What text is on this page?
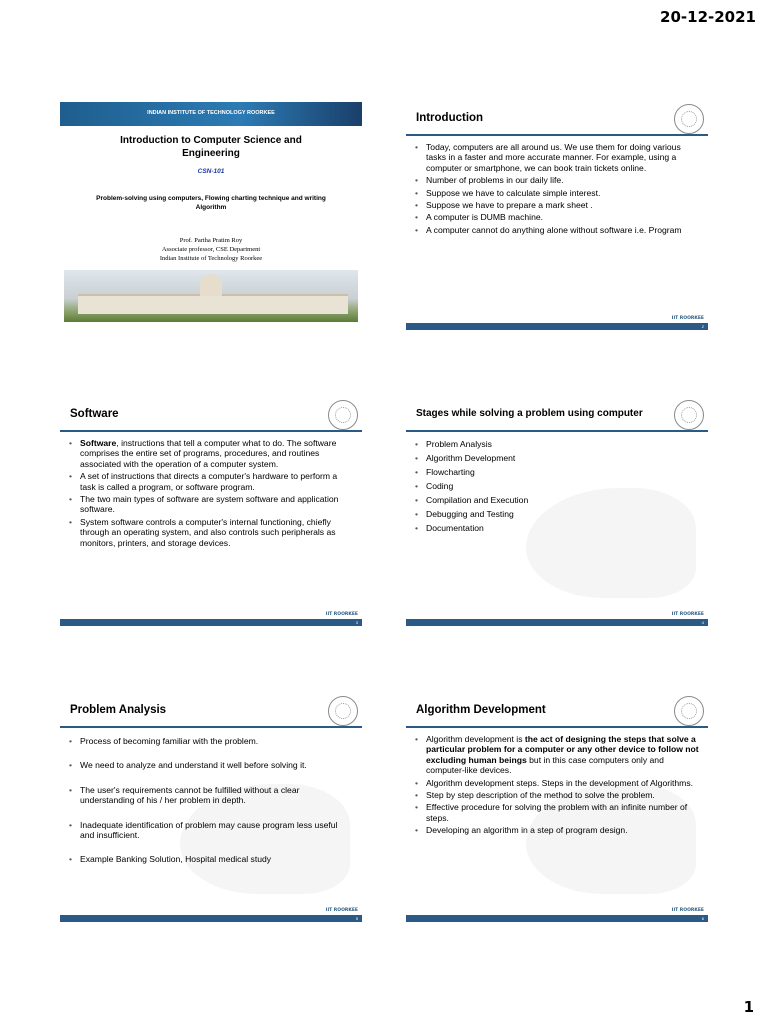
20-12-2021
INDIAN INSTITUTE OF TECHNOLOGY ROORKEE
Introduction to Computer Science and Engineering
CSN-101
Problem-solving using computers, Flowing charting technique and writing Algorithm
Prof. Partha Pratim Roy
Associate professor, CSE Department
Indian Institute of Technology Roorkee
Introduction
• Today, computers are all around us. We use them for doing various tasks in a faster and more accurate manner. For example, using a computer or smartphone, we can book train tickets online.
• Number of problems in our daily life.
• Suppose we have to calculate simple interest.
• Suppose we have to prepare a mark sheet .
• A computer is DUMB machine.
• A computer cannot do anything alone without software i.e. Program
IIT ROORKEE
2
Software
• Software, instructions that tell a computer what to do. The software comprises the entire set of programs, procedures, and routines associated with the operation of a computer system.
• A set of instructions that directs a computer's hardware to perform a task is called a program, or software program.
• The two main types of software are system software and application software.
• System software controls a computer's internal functioning, chiefly through an operating system, and also controls such peripherals as monitors, printers, and storage devices.
IIT ROORKEE
3
Stages while solving a problem using computer
• Problem Analysis
• Algorithm Development
• Flowcharting
• Coding
• Compilation and Execution
• Debugging and Testing
• Documentation
IIT ROORKEE
4
Problem Analysis
• Process of becoming familiar with the problem.
• We need to analyze and understand it well before solving it.
• The user's requirements cannot be fulfilled without a clear understanding of his / her problem in depth.
• Inadequate identification of problem may cause program less useful and insufficient.
• Example Banking Solution, Hospital medical study
IIT ROORKEE
5
Algorithm Development
• Algorithm development is the act of designing the steps that solve a particular problem for a computer or any other device to follow not excluding human beings but in this case computers only and computer-like devices.
• Algorithm development steps. Steps in the development of Algorithms.
• Step by step description of the method to solve the problem.
• Effective procedure for solving the problem with an infinite number of steps.
• Developing an algorithm in a step of program design.
IIT ROORKEE
6
1
